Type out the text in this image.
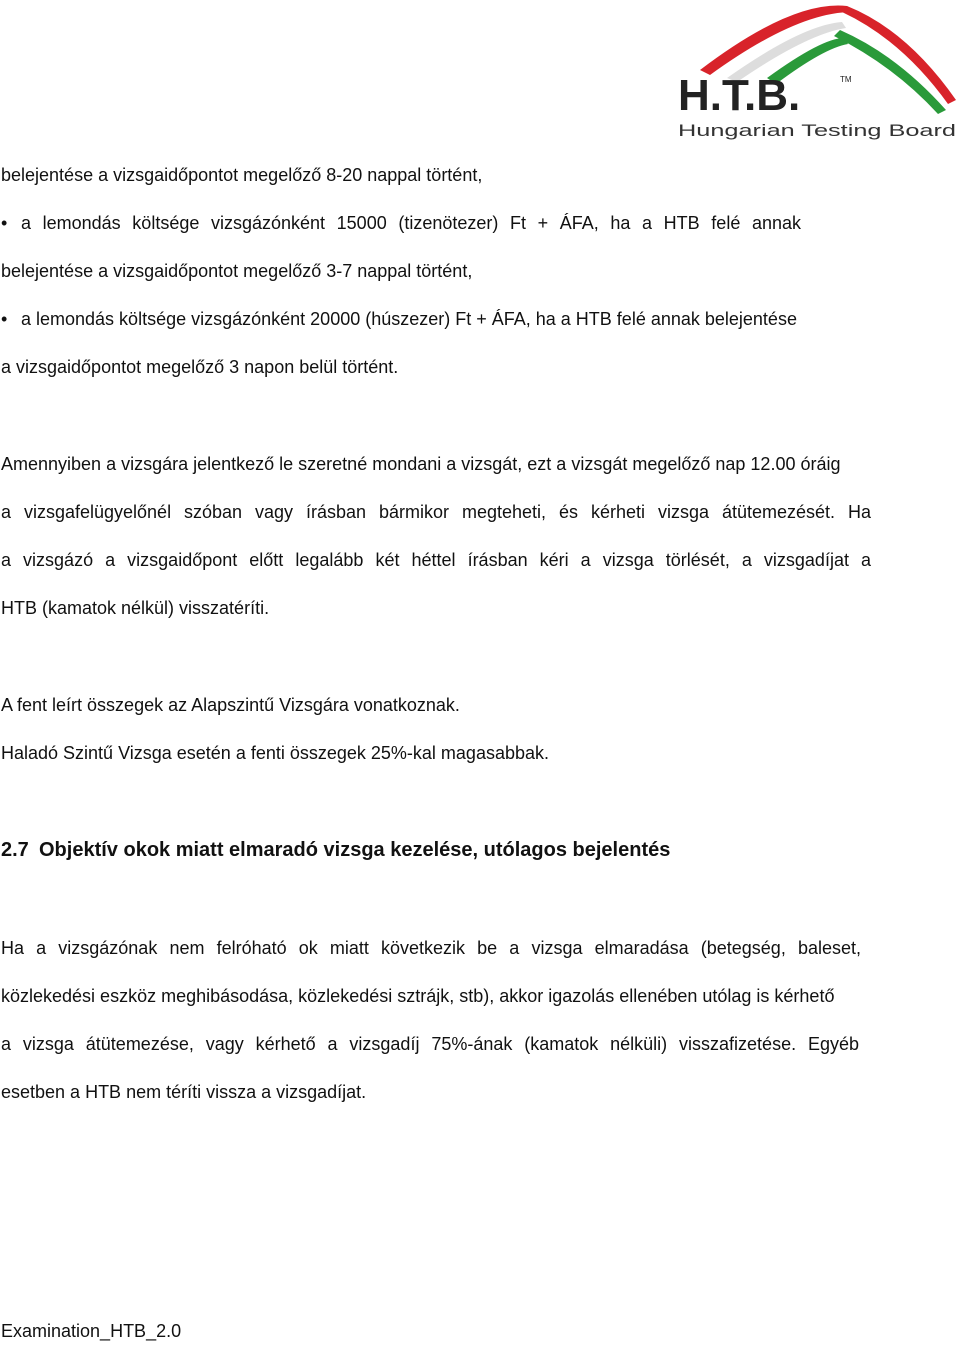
H.T.B.	TM
Hungarian Testing Board
belejentése a vizsgaidőpontot megelőző 8-20 nappal történt,
• a lemondás költsége vizsgázónként 15000 (tizenötezer) Ft + ÁFA, ha a HTB felé annak
belejentése a vizsgaidőpontot megelőző 3-7 nappal történt,
• a lemondás költsége vizsgázónként 20000 (húszezer) Ft + ÁFA, ha a HTB felé annak belejentése
a vizsgaidőpontot megelőző 3 napon belül történt.
Amennyiben a vizsgára jelentkező le szeretné mondani a vizsgát, ezt a vizsgát megelőző nap 12.00 óráig
a vizsgafelügyelőnél szóban vagy írásban bármikor megteheti, és kérheti vizsga átütemezését. Ha
a vizsgázó a vizsgaidőpont előtt legalább két héttel írásban kéri a vizsga törlését, a vizsgadíjat a
HTB (kamatok nélkül) visszatéríti.
A fent leírt összegek az Alapszintű Vizsgára vonatkoznak.
Haladó Szintű Vizsga esetén a fenti összegek 25%-kal magasabbak.
2.7 Objektív okok miatt elmaradó vizsga kezelése, utólagos bejelentés
Ha a vizsgázónak nem felróható ok miatt következik be a vizsga elmaradása (betegség, baleset,
közlekedési eszköz meghibásodása, közlekedési sztrájk, stb), akkor igazolás ellenében utólag is kérhető
a vizsga átütemezése, vagy kérhető a vizsgadíj 75%-ának (kamatok nélküli) visszafizetése. Egyéb
esetben a HTB nem téríti vissza a vizsgadíjat.
Examination_HTB_2.0
